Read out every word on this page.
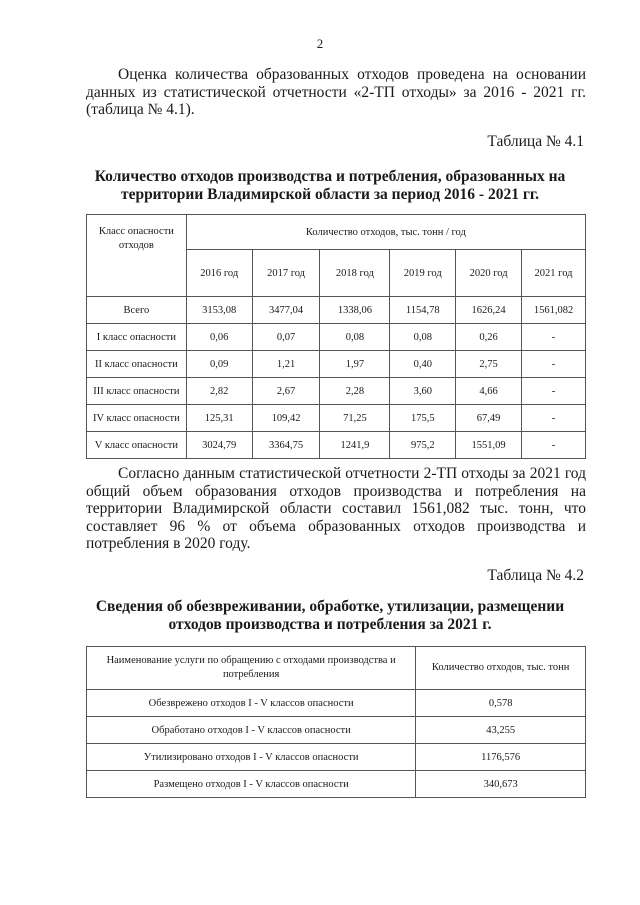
2

Оценка количества образованных отходов проведена на основании данных из статистической отчетности «2-ТП отходы» за 2016 - 2021 гг. (таблица № 4.1).

Таблица № 4.1

Количество отходов производства и потребления, образованных на территории Владимирской области за период 2016 - 2021 гг.

Класс опасности отходов	Количество отходов, тыс. тонн / год					
	2016 год	2017 год	2018 год	2019 год	2020 год	2021 год
Всего	3153,08	3477,04	1338,06	1154,78	1626,24	1561,082
I класс опасности	0,06	0,07	0,08	0,08	0,26	-
II класс опасности	0,09	1,21	1,97	0,40	2,75	-
III класс опасности	2,82	2,67	2,28	3,60	4,66	-
IV класс опасности	125,31	109,42	71,25	175,5	67,49	-
V класс опасности	3024,79	3364,75	1241,9	975,2	1551,09	-

Согласно данным статистической отчетности 2-ТП отходы за 2021 год общий объем образования отходов производства и потребления на территории Владимирской области составил 1561,082 тыс. тонн, что составляет 96 % от объема образованных отходов производства и потребления в 2020 году.

Таблица № 4.2

Сведения об обезвреживании, обработке, утилизации, размещении отходов производства и потребления за 2021 г.

Наименование услуги по обращению с отходами производства и потребления	Количество отходов, тыс. тонн
Обезврежено отходов I - V классов опасности	0,578
Обработано отходов I - V классов опасности	43,255
Утилизировано отходов I - V классов опасности	1176,576
Размещено отходов I - V классов опасности	340,673
